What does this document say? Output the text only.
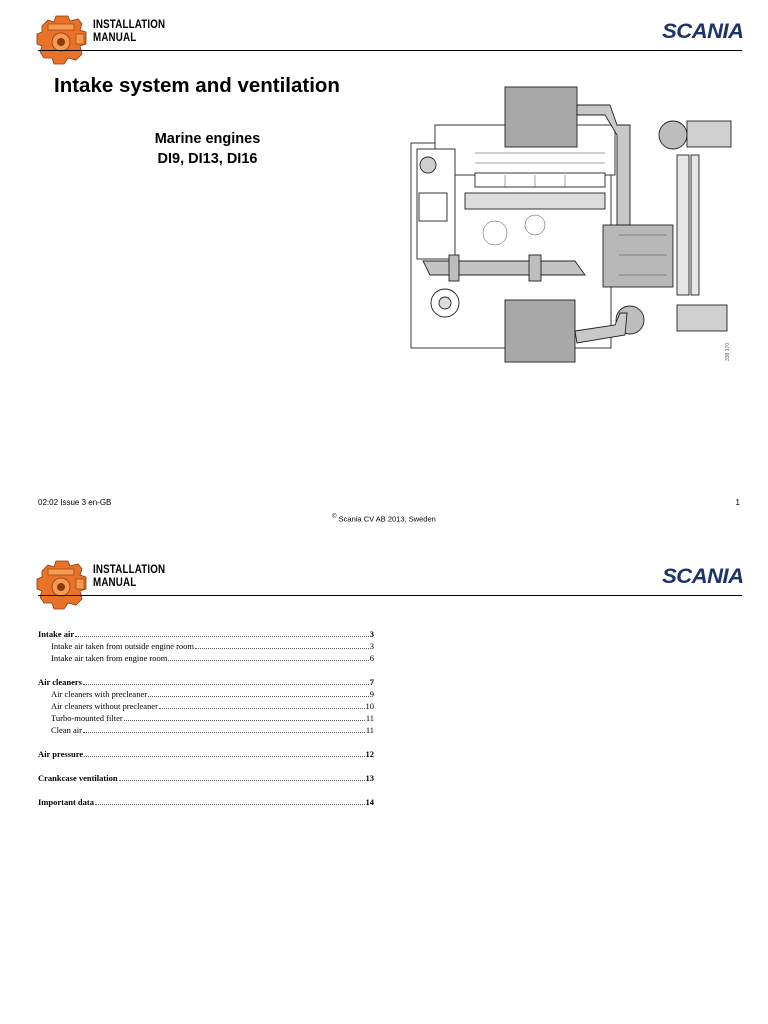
INSTALLATION
MANUAL	SCANIA
Intake system and ventilation
Marine engines
DI9, DI13, DI16
338 170
02:02 Issue 3 en-GB	1
© Scania CV AB 2013, Sweden
INSTALLATION
MANUAL	SCANIA
Intake air	3
Intake air taken from outside engine room	3
Intake air taken from engine room	6
Air cleaners	7
Air cleaners with precleaner	9
Air cleaners without precleaner	10
Turbo-mounted filter	11
Clean air	11
Air pressure	12
Crankcase ventilation	13
Important data	14
